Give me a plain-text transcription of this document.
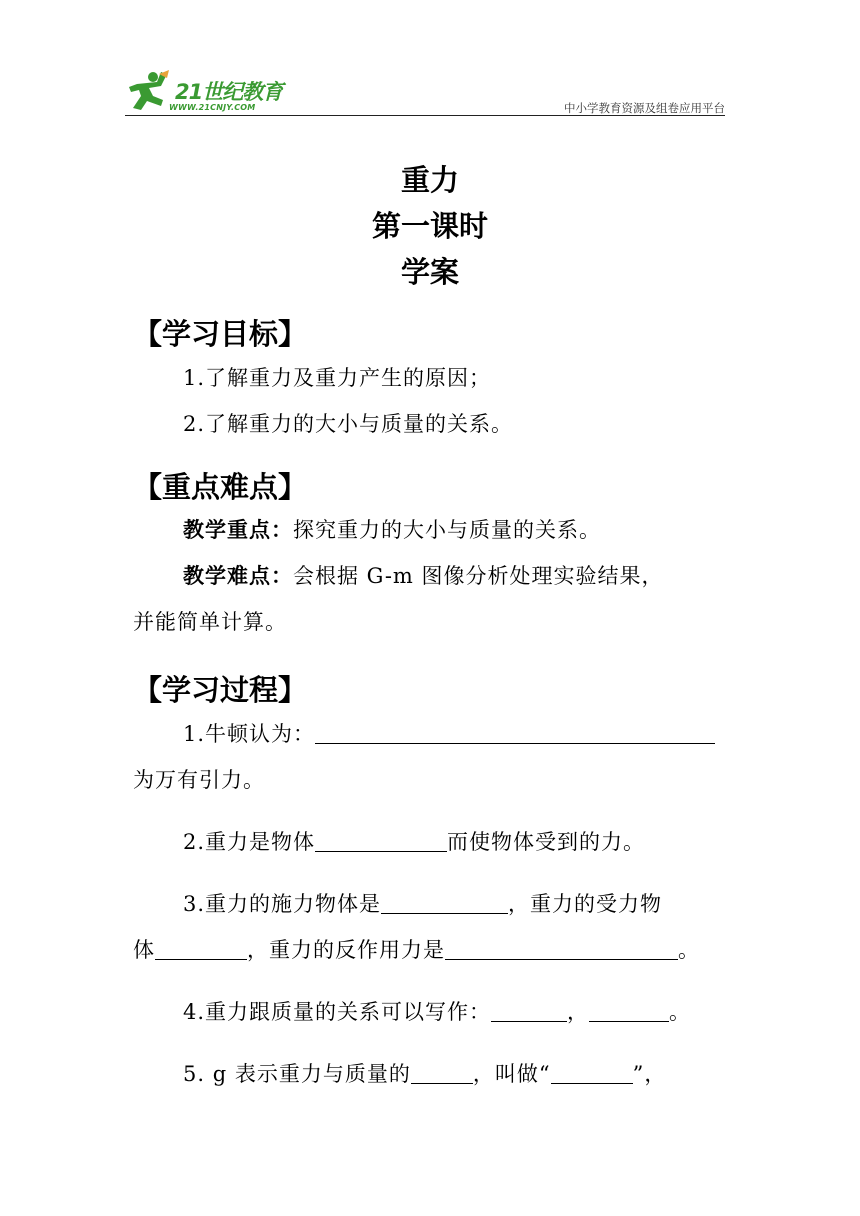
21世纪教育
WWW.21CNJY.COM	中小学教育资源及组卷应用平台
重力
第一课时
学案
【学习目标】
1.了解重力及重力产生的原因；
2.了解重力的大小与质量的关系。
【重点难点】
教学重点：探究重力的大小与质量的关系。
教学难点：会根据 G-m 图像分析处理实验结果，
并能简单计算。
【学习过程】
1.牛顿认为：
为万有引力。
2.重力是物体	而使物体受到的力。
3.重力的施力物体是	，重力的受力物
体	，重力的反作用力是	。
4.重力跟质量的关系可以写作：	，	。
5. g 表示重力与质量的	，叫做“	”，
